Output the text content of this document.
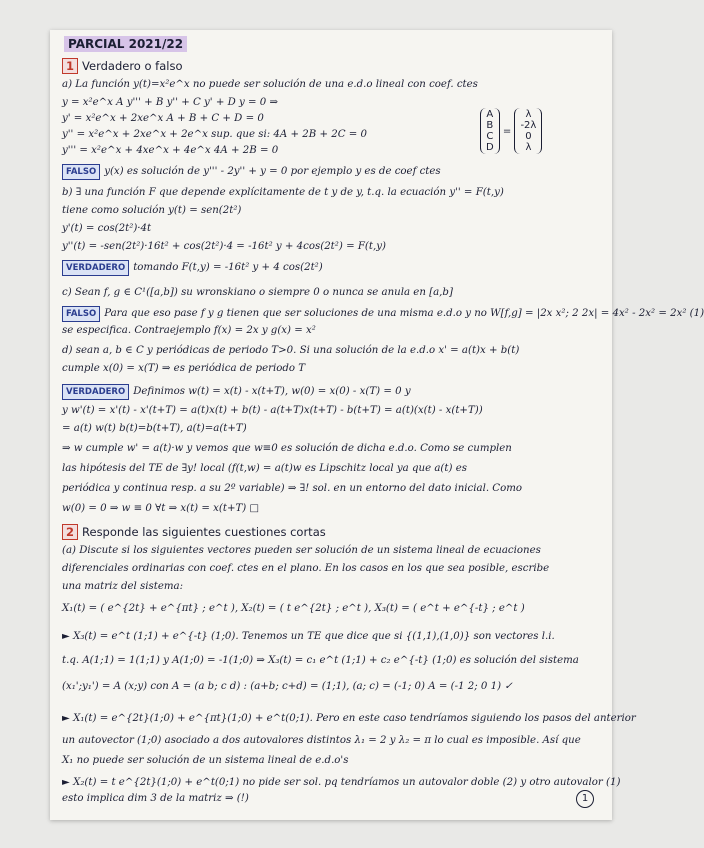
PARCIAL 2021/22
1 Verdadero o falso
a) La función y(t)=x²e^x no puede ser solución de una e.d.o lineal con coef. ctes
y = x²e^x A y''' + B y'' + C y' + D y = 0 ⇒
y' = x²e^x + 2xe^x A + B + C + D = 0
y'' = x²e^x + 2xe^x + 2e^x sup. que si: 4A + 2B + 2C = 0
y''' = x²e^x + 4xe^x + 4e^x 4A + 2B = 0
A
B
C
D
=
λ
-2λ
0
λ
FALSO y(x) es solución de y''' - 2y'' + y = 0 por ejemplo y es de coef ctes
b) ∃ una función F que depende explícitamente de t y de y, t.q. la ecuación y'' = F(t,y)
tiene como solución y(t) = sen(2t²)
y'(t) = cos(2t²)·4t
y''(t) = -sen(2t²)·16t² + cos(2t²)·4 = -16t² y + 4cos(2t²) = F(t,y)
VERDADERO tomando F(t,y) = -16t² y + 4 cos(2t²)
c) Sean f, g ∈ C¹([a,b]) su wronskiano o siempre 0 o nunca se anula en [a,b]
FALSO Para que eso pase f y g tienen que ser soluciones de una misma e.d.o y no W[f,g] = |2x x²; 2 2x| = 4x² - 2x² = 2x² (1)
se especifica. Contraejemplo f(x) = 2x y g(x) = x²
d) sean a, b ∈ C y periódicas de periodo T>0. Si una solución de la e.d.o x' = a(t)x + b(t)
cumple x(0) = x(T) ⇒ es periódica de periodo T
VERDADERO Definimos w(t) = x(t) - x(t+T), w(0) = x(0) - x(T) = 0 y
y w'(t) = x'(t) - x'(t+T) = a(t)x(t) + b(t) - a(t+T)x(t+T) - b(t+T) = a(t)(x(t) - x(t+T))
= a(t) w(t) b(t)=b(t+T), a(t)=a(t+T)
⇒ w cumple w' = a(t)·w y vemos que w≡0 es solución de dicha e.d.o. Como se cumplen
las hipótesis del TE de ∃y! local (f(t,w) = a(t)w es Lipschitz local ya que a(t) es
periódica y continua resp. a su 2º variable) ⇒ ∃! sol. en un entorno del dato inicial. Como
w(0) = 0 ⇒ w ≡ 0 ∀t ⇒ x(t) = x(t+T) □
2 Responde las siguientes cuestiones cortas
(a) Discute si los siguientes vectores pueden ser solución de un sistema lineal de ecuaciones
diferenciales ordinarias con coef. ctes en el plano. En los casos en los que sea posible, escribe
una matriz del sistema:
X₁(t) = ( e^{2t} + e^{πt} ; e^t ), X₂(t) = ( t e^{2t} ; e^t ), X₃(t) = ( e^t + e^{-t} ; e^t )
► X₃(t) = e^t (1;1) + e^{-t} (1;0). Tenemos un TE que dice que si {(1,1),(1,0)} son vectores l.i.
t.q. A(1;1) = 1(1;1) y A(1;0) = -1(1;0) ⇒ X₃(t) = c₁ e^t (1;1) + c₂ e^{-t} (1;0) es solución del sistema
(x₁';y₁') = A (x;y) con A = (a b; c d) : (a+b; c+d) = (1;1), (a; c) = (-1; 0) A = (-1 2; 0 1) ✓
► X₁(t) = e^{2t}(1;0) + e^{πt}(1;0) + e^t(0;1). Pero en este caso tendríamos siguiendo los pasos del anterior
un autovector (1;0) asociado a dos autovalores distintos λ₁ = 2 y λ₂ = π lo cual es imposible. Así que
X₁ no puede ser solución de un sistema lineal de e.d.o's
► X₂(t) = t e^{2t}(1;0) + e^t(0;1) no pide ser sol. pq tendríamos un autovalor doble (2) y otro autovalor (1)
esto implica dim 3 de la matriz ⇒ (!)	1
